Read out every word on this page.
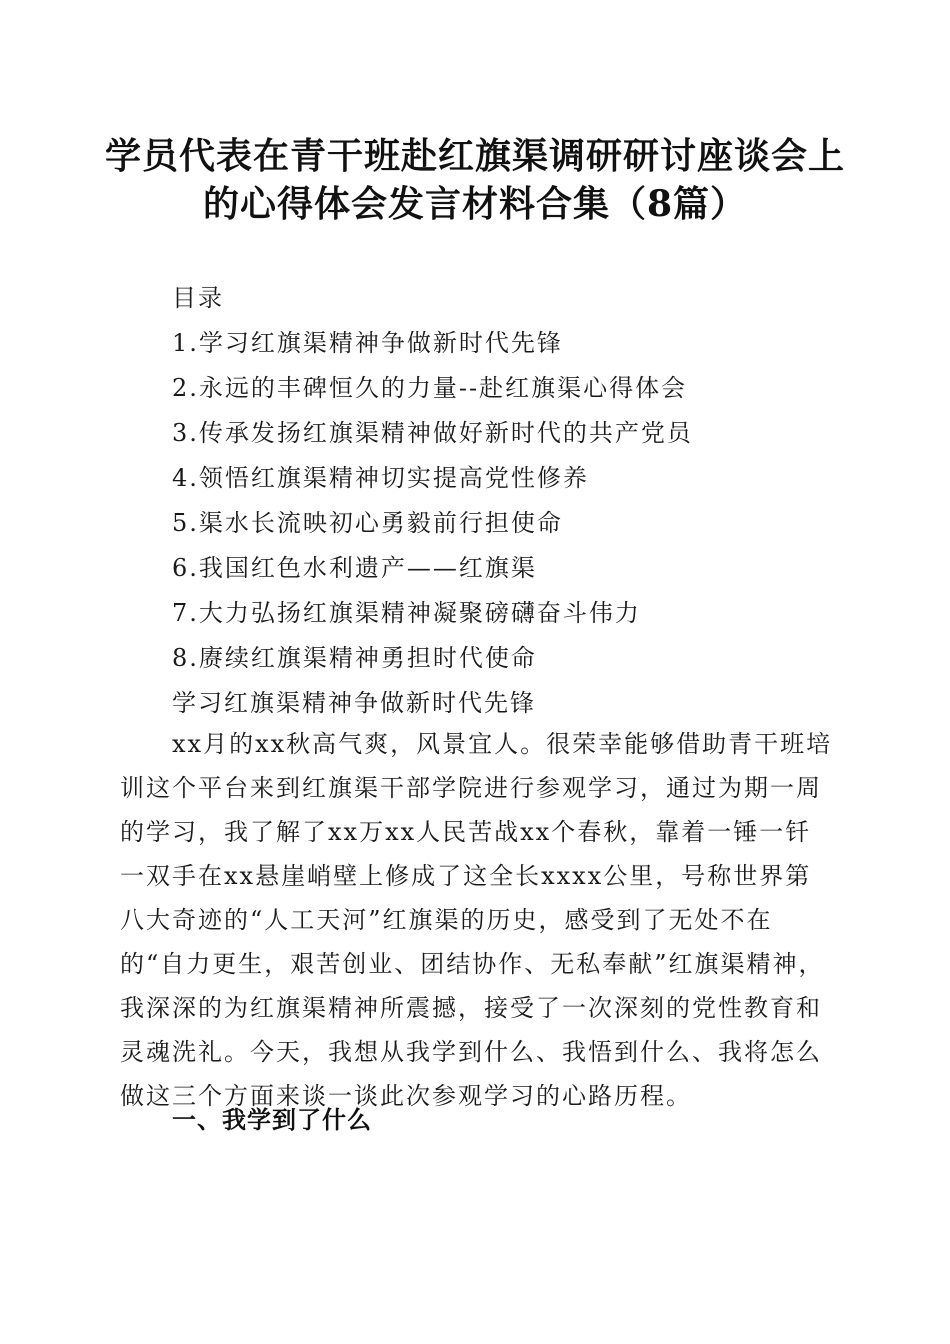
学员代表在青干班赴红旗渠调研研讨座谈会上
的心得体会发言材料合集（8篇）
目录
1.学习红旗渠精神争做新时代先锋
2.永远的丰碑恒久的力量--赴红旗渠心得体会
3.传承发扬红旗渠精神做好新时代的共产党员
4.领悟红旗渠精神切实提高党性修养
5.渠水长流映初心勇毅前行担使命
6.我国红色水利遗产——红旗渠
7.大力弘扬红旗渠精神凝聚磅礴奋斗伟力
8.赓续红旗渠精神勇担时代使命
学习红旗渠精神争做新时代先锋
　　xx月的xx秋高气爽，风景宜人。很荣幸能够借助青干班培
训这个平台来到红旗渠干部学院进行参观学习，通过为期一周
的学习，我了解了xx万xx人民苦战xx个春秋，靠着一锤一钎
一双手在xx悬崖峭壁上修成了这全长xxxx公里，号称世界第
八大奇迹的“人工天河”红旗渠的历史，感受到了无处不在
的“自力更生，艰苦创业、团结协作、无私奉献”红旗渠精神，
我深深的为红旗渠精神所震撼，接受了一次深刻的党性教育和
灵魂洗礼。今天，我想从我学到什么、我悟到什么、我将怎么
做这三个方面来谈一谈此次参观学习的心路历程。
一、我学到了什么
